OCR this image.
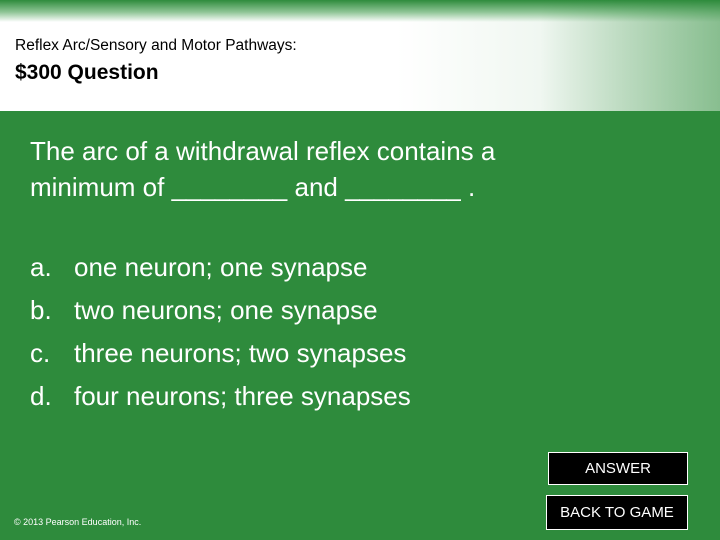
Reflex Arc/Sensory and Motor Pathways:
$300 Question
The arc of a withdrawal reflex contains a
minimum of ________ and ________ .
a. one neuron; one synapse
b. two neurons; one synapse
c. three neurons; two synapses
d. four neurons; three synapses
ANSWER
BACK TO GAME
© 2013 Pearson Education, Inc.
